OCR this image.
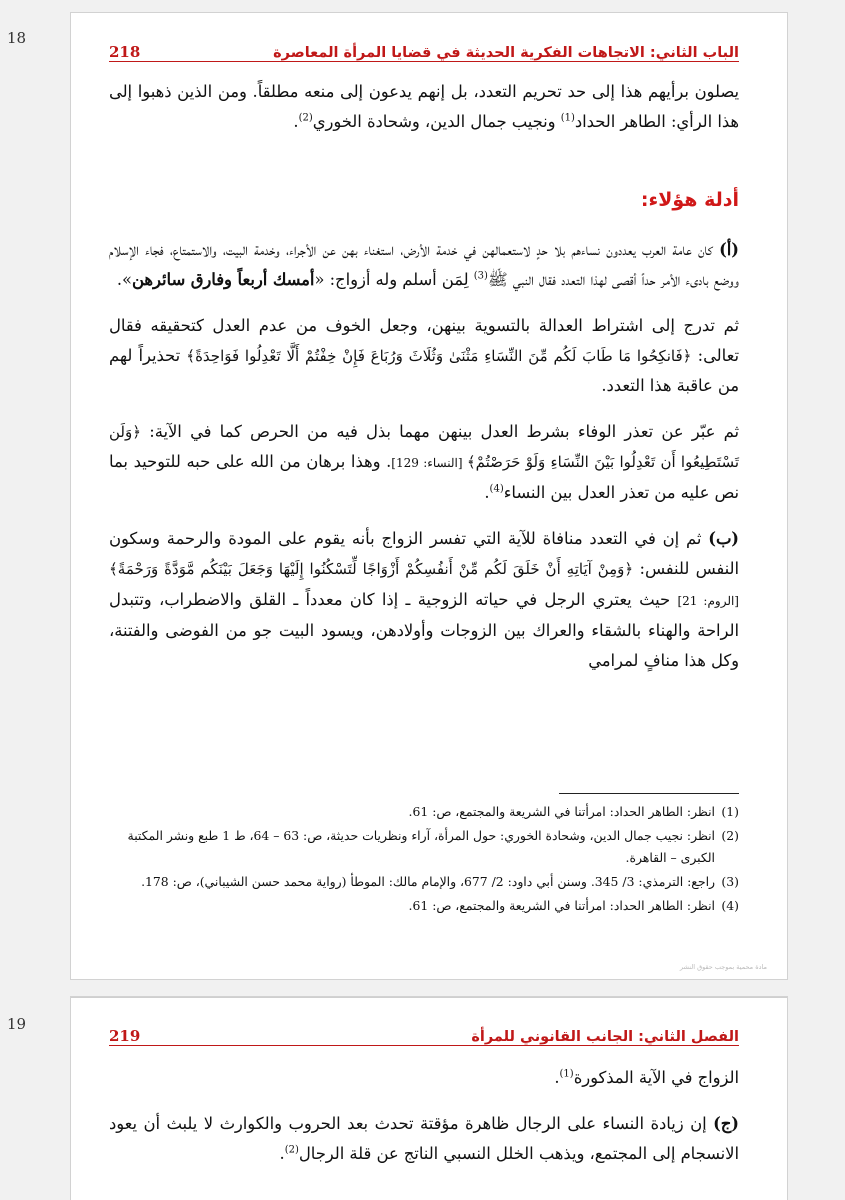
18
218	الباب الثاني: الاتجاهات الفكرية الحديثة في قضايا المرأة المعاصرة

يصلون برأيهم هذا إلى حد تحريم التعدد، بل إنهم يدعون إلى منعه مطلقاً. ومن الذين ذهبوا إلى هذا الرأي: الطاهر الحداد$^{(1)}$ ونجيب جمال الدين، وشحادة الخوري$^{(2)}$.

أدلة هؤلاء:

(أ) كان عامة العرب يعددون نساءهم بلا حدٍ لاستعمالهن في خدمة الأرض، استغناء بهن عن الأجراء، وخدمة البيت، والاستمتاع، فجاء الإسلام ووضع بادىء الأمر حداً أقصى لهذا التعدد فقال النبي ﷺ$^{(3)}$ لِمَن أسلم وله أزواج: «أمسك أربعاً وفارق سائرهن».

ثم تدرج إلى اشتراط العدالة بالتسوية بينهن، وجعل الخوف من عدم العدل كتحقيقه فقال تعالى: ﴿فَانكِحُوا مَا طَابَ لَكُم مِّنَ النِّسَاءِ مَثْنَىٰ وَثُلَاثَ وَرُبَاعَ فَإِنْ خِفْتُمْ أَلَّا تَعْدِلُوا فَوَاحِدَةً﴾ تحذيراً لهم من عاقبة هذا التعدد.

ثم عبّر عن تعذر الوفاء بشرط العدل بينهن مهما بذل فيه من الحرص كما في الآية: ﴿وَلَن تَسْتَطِيعُوا أَن تَعْدِلُوا بَيْنَ النِّسَاءِ وَلَوْ حَرَصْتُمْ﴾ [النساء: 129]. وهذا برهان من الله على حبه للتوحيد بما نص عليه من تعذر العدل بين النساء$^{(4)}$.

(ب) ثم إن في التعدد منافاة للآية التي تفسر الزواج بأنه يقوم على المودة والرحمة وسكون النفس للنفس: ﴿وَمِنْ آيَاتِهِ أَنْ خَلَقَ لَكُم مِّنْ أَنفُسِكُمْ أَزْوَاجًا لِّتَسْكُنُوا إِلَيْهَا وَجَعَلَ بَيْنَكُم مَّوَدَّةً وَرَحْمَةً﴾ [الروم: 21] حيث يعتري الرجل في حياته الزوجية ـ إذا كان معدداً ـ القلق والاضطراب، وتتبدل الراحة والهناء بالشقاء والعراك بين الزوجات وأولادهن، ويسود البيت جو من الفوضى والفتنة، وكل هذا منافٍ لمرامي

(1)
انظر: الطاهر الحداد: امرأتنا في الشريعة والمجتمع، ص: 61.
(2)
انظر: نجيب جمال الدين، وشحادة الخوري: حول المرأة، آراء ونظريات حديثة، ص: 63 – 64، ط 1 طبع ونشر المكتبة الكبرى – القاهرة.
(3)
راجع: الترمذي: 3/ 345. وسنن أبي داود: 2/ 677، والإمام مالك: الموطأ (رواية محمد حسن الشيباني)، ص: 178.
(4)
انظر: الطاهر الحداد: امرأتنا في الشريعة والمجتمع، ص: 61.
مادة محمية بموجب حقوق النشر
19
219	الفصل الثاني: الجانب القانوني للمرأة

الزواج في الآية المذكورة$^{(1)}$.

(ج) إن زيادة النساء على الرجال ظاهرة مؤقتة تحدث بعد الحروب والكوارث لا يلبث أن يعود الانسجام إلى المجتمع، ويذهب الخلل النسبي الناتج عن قلة الرجال$^{(2)}$.
